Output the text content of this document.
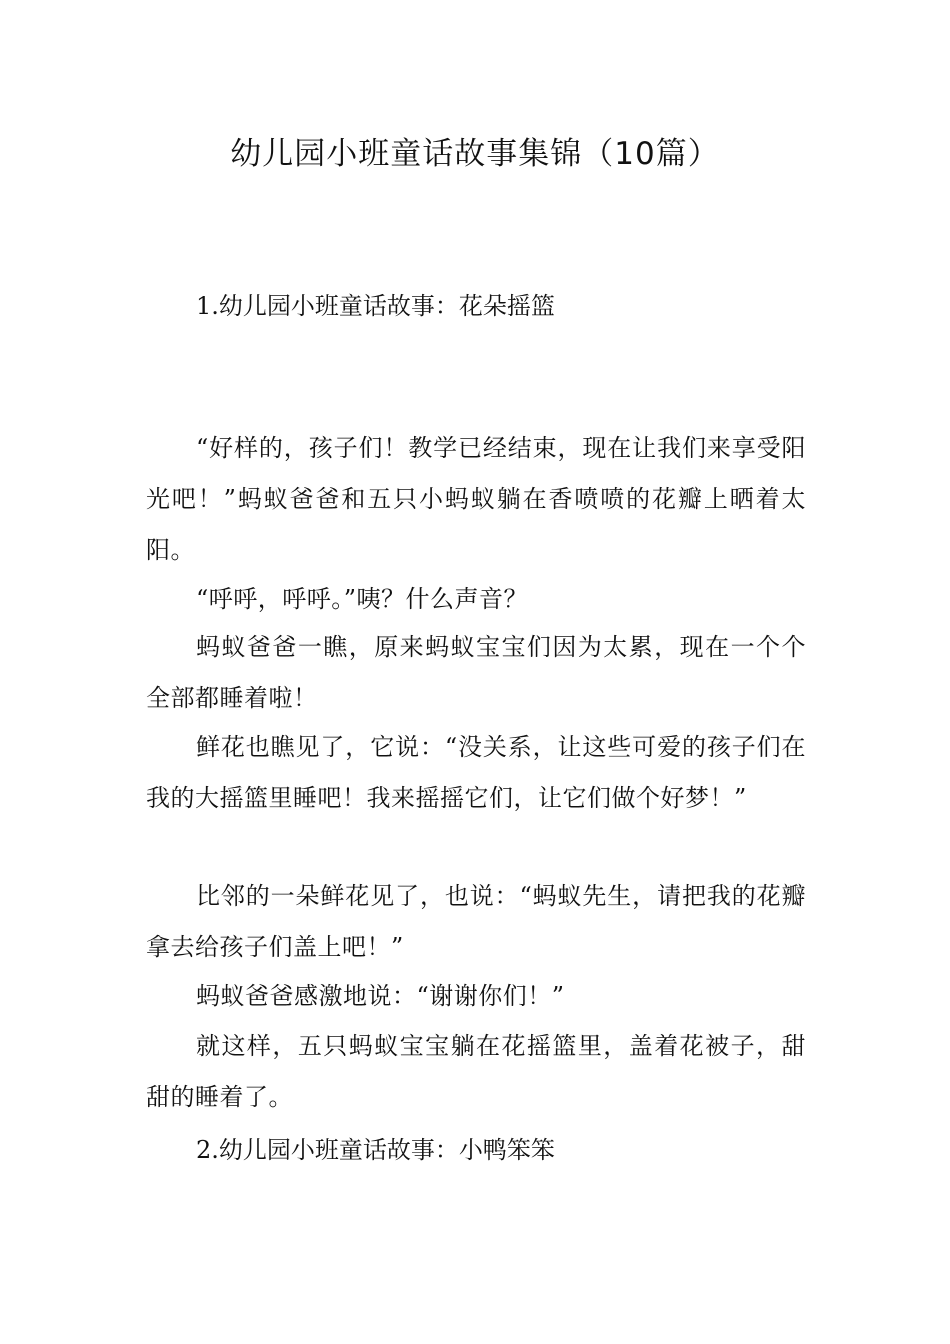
幼儿园小班童话故事集锦（10篇）
1.幼儿园小班童话故事：花朵摇篮

“好样的，孩子们！教学已经结束，现在让我们来享受阳光吧！”蚂蚁爸爸和五只小蚂蚁躺在香喷喷的花瓣上晒着太阳。

“呼呼，呼呼。”咦？什么声音？

蚂蚁爸爸一瞧，原来蚂蚁宝宝们因为太累，现在一个个全部都睡着啦！

鲜花也瞧见了，它说：“没关系，让这些可爱的孩子们在我的大摇篮里睡吧！我来摇摇它们，让它们做个好梦！”

比邻的一朵鲜花见了，也说：“蚂蚁先生，请把我的花瓣拿去给孩子们盖上吧！”

蚂蚁爸爸感激地说：“谢谢你们！”

就这样，五只蚂蚁宝宝躺在花摇篮里，盖着花被子，甜甜的睡着了。

2.幼儿园小班童话故事：小鸭笨笨
